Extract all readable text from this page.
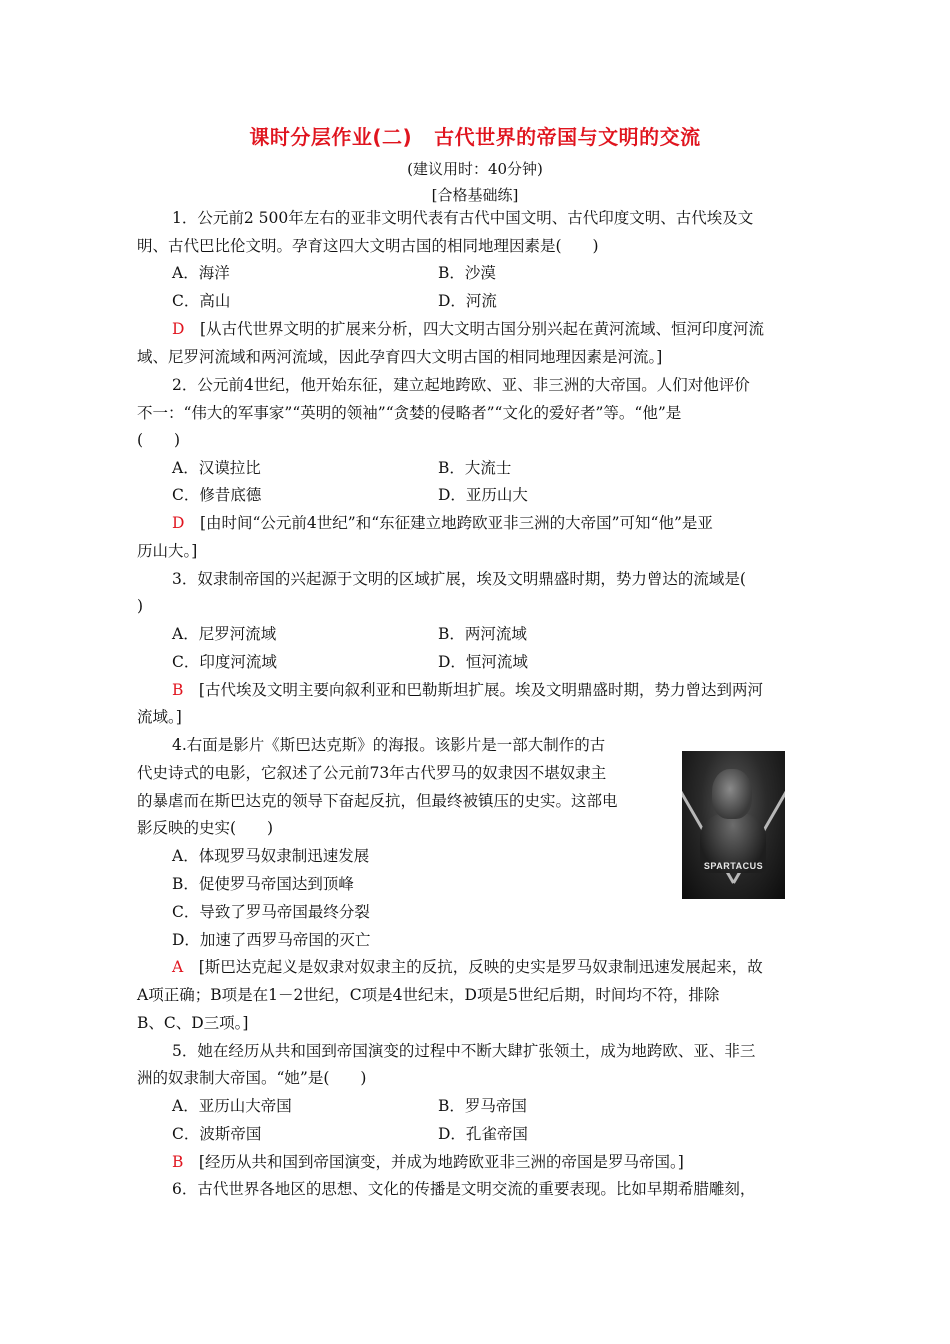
课时分层作业(二) 古代世界的帝国与文明的交流
(建议用时：40分钟)
[合格基础练]
1．公元前2 500年左右的亚非文明代表有古代中国文明、古代印度文明、古代埃及文
明、古代巴比伦文明。孕育这四大文明古国的相同地理因素是(　　)
A．海洋	B．沙漠
C．高山	D．河流
D　 [从古代世界文明的扩展来分析，四大文明古国分别兴起在黄河流域、恒河印度河流
域、尼罗河流域和两河流域，因此孕育四大文明古国的相同地理因素是河流。]
2．公元前4世纪，他开始东征，建立起地跨欧、亚、非三洲的大帝国。人们对他评价
不一：“伟大的军事家”“英明的领袖”“贪婪的侵略者”“文化的爱好者”等。“他”是
(　　)
A．汉谟拉比	B．大流士
C．修昔底德	D．亚历山大
D　 [由时间“公元前4世纪”和“东征建立地跨欧亚非三洲的大帝国”可知“他”是亚
历山大。]
3．奴隶制帝国的兴起源于文明的区域扩展，埃及文明鼎盛时期，势力曾达的流域是(
)
A．尼罗河流域	B．两河流域
C．印度河流域	D．恒河流域
B　 [古代埃及文明主要向叙利亚和巴勒斯坦扩展。埃及文明鼎盛时期，势力曾达到两河
流域。]
4.右面是影片《斯巴达克斯》的海报。该影片是一部大制作的古
代史诗式的电影，它叙述了公元前73年古代罗马的奴隶因不堪奴隶主
的暴虐而在斯巴达克的领导下奋起反抗，但最终被镇压的史实。这部电
影反映的史实(　　)
A．体现罗马奴隶制迅速发展
B．促使罗马帝国达到顶峰
C．导致了罗马帝国最终分裂
D．加速了西罗马帝国的灭亡
SPARTACUS
A　 [斯巴达克起义是奴隶对奴隶主的反抗，反映的史实是罗马奴隶制迅速发展起来，故
A项正确；B项是在1－2世纪，C项是4世纪末，D项是5世纪后期，时间均不符，排除
B、C、D三项。]
5．她在经历从共和国到帝国演变的过程中不断大肆扩张领土，成为地跨欧、亚、非三
洲的奴隶制大帝国。“她”是(　　)
A．亚历山大帝国	B．罗马帝国
C．波斯帝国	D．孔雀帝国
B　 [经历从共和国到帝国演变，并成为地跨欧亚非三洲的帝国是罗马帝国。]
6．古代世界各地区的思想、文化的传播是文明交流的重要表现。比如早期希腊雕刻，
